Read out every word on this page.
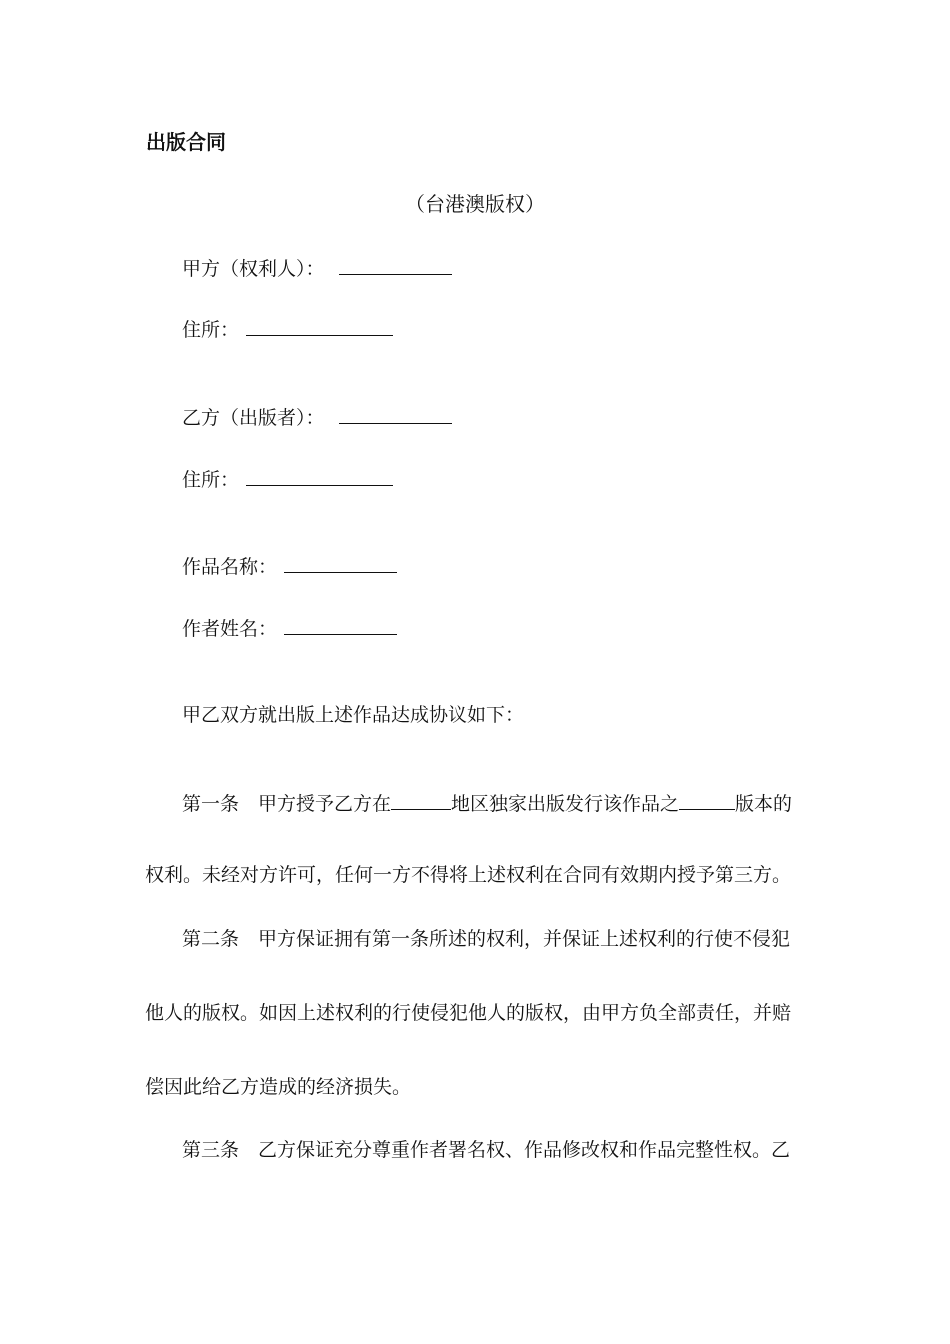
出版合同
（台港澳版权）
甲方（权利人）：
住所：
乙方（出版者）：
住所：
作品名称：
作者姓名：
甲乙双方就出版上述作品达成协议如下：
第一条 甲方授予乙方在	地区独家出版发行该作品之	版本的
权利。未经对方许可，任何一方不得将上述权利在合同有效期内授予第三方。
第二条 甲方保证拥有第一条所述的权利，并保证上述权利的行使不侵犯
他人的版权。如因上述权利的行使侵犯他人的版权，由甲方负全部责任，并赔
偿因此给乙方造成的经济损失。
第三条 乙方保证充分尊重作者署名权、作品修改权和作品完整性权。乙
